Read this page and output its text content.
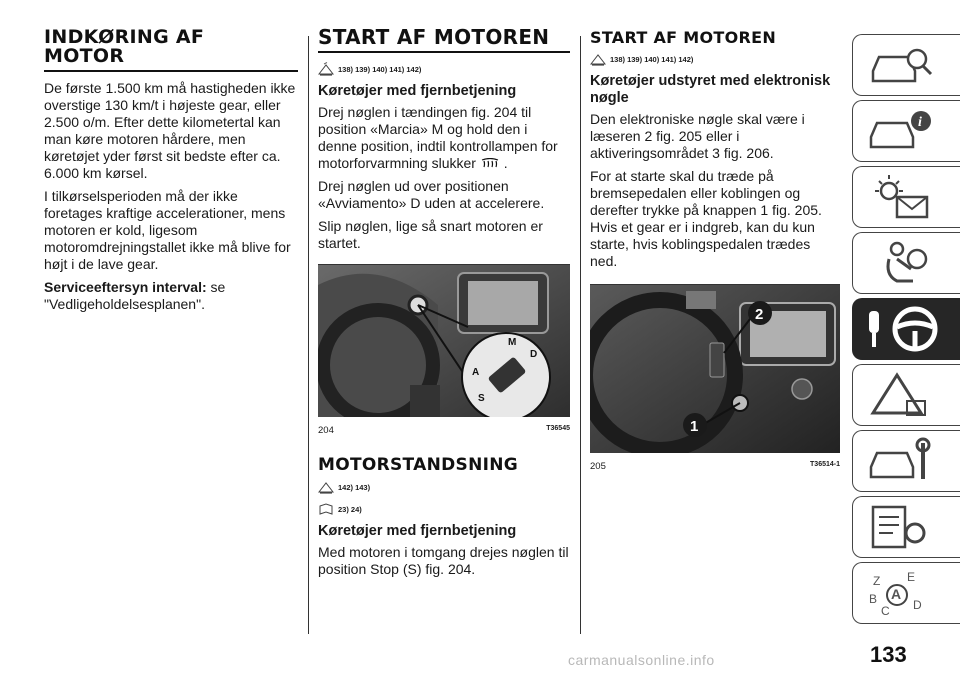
INDKØRING AF
MOTOR

De første 1.500 km må hastigheden ikke overstige 130 km/t i højeste gear, eller 2.500 o/m. Efter dette kilometertal kan man køre motoren hårdere, men køretøjet yder først sit bedste efter ca. 6.000 km kørsel.

I tilkørselsperioden må der ikke foretages kraftige accelerationer, mens motoren er kold, ligesom motoromdrejningstallet ikke må blive for højt i de lave gear.

Serviceeftersyn interval: se "Vedligeholdelsesplanen".

START AF MOTOREN
138) 139) 140) 141) 142)
Køretøjer med fjernbetjening

Drej nøglen i tændingen fig. 204 til position «Marcia» M og hold den i denne position, indtil kontrollampen for motorforvarmning slukker .

Drej nøglen ud over positionen «Avviamento» D uden at accelerere.

Slip nøglen, lige så snart motoren er startet.

M
D
A
S
204	T36545
MOTORSTANDSNING
142) 143)
23) 24)
Køretøjer med fjernbetjening

Med motoren i tomgang drejes nøglen til position Stop (S) fig. 204.

START AF MOTOREN
138) 139) 140) 141) 142)
Køretøjer udstyret med elektronisk nøgle

Den elektroniske nøgle skal være i læseren 2 fig. 205 eller i aktiveringsområdet 3 fig. 206.

For at starte skal du træde på bremsepedalen eller koblingen og derefter trykke på knappen 1 fig. 205. Hvis et gear er i indgreb, kan du kun starte, hvis koblingspedalen trædes ned.

1
2
205	T36514-1
i
Z E
B A
C D
133
carmanualsonline.info
